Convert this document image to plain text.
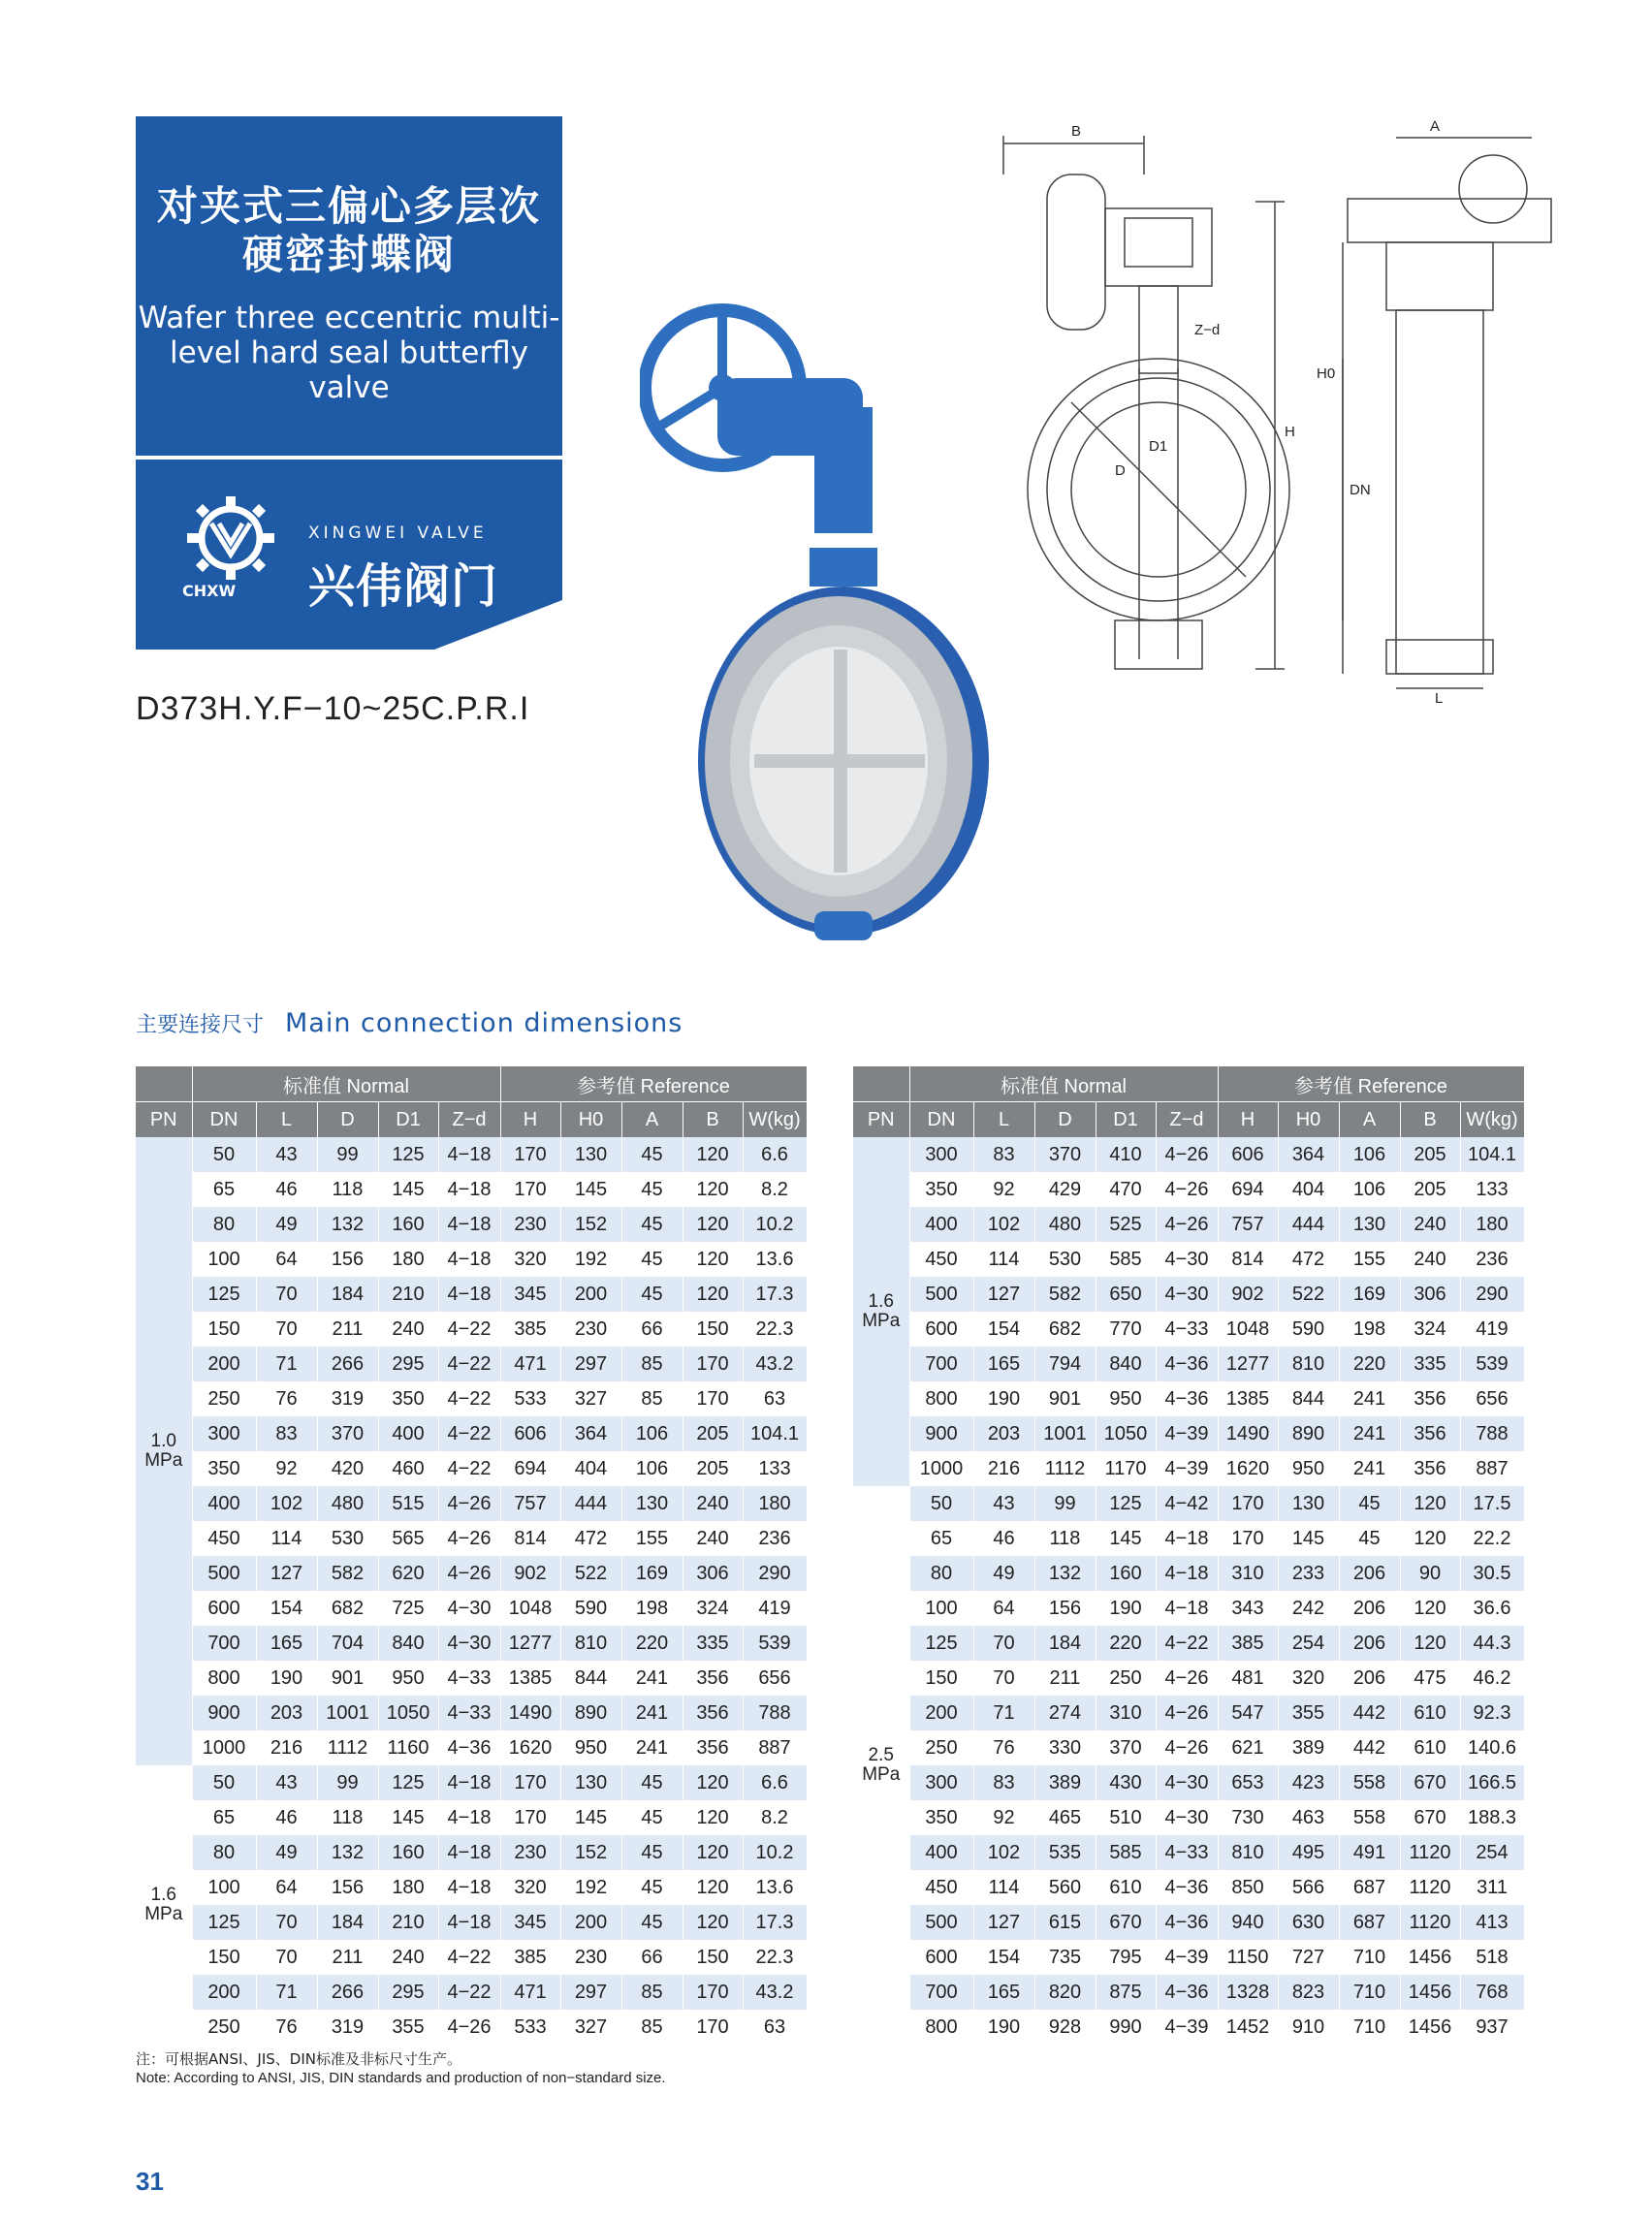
对夹式三偏心多层次
硬密封蝶阀
Wafer three eccentric multi-
level hard seal butterfly valve
CHXW
XINGWEI VALVE
兴伟阀门
B	A
Z−d
D1
D
H
H0
DN
L
D373H.Y.F−10~25C.P.R.I
主要连接尺寸 Main connection dimensions
	标准值 Normal					参考值 Reference				
PN	DN	L	D	D1	Z−d	H	H0	A	B	W(kg)
1.0
MPa	50	43	99	125	4−18	170	130	45	120	6.6
	65	46	118	145	4−18	170	145	45	120	8.2
	80	49	132	160	4−18	230	152	45	120	10.2
	100	64	156	180	4−18	320	192	45	120	13.6
	125	70	184	210	4−18	345	200	45	120	17.3
	150	70	211	240	4−22	385	230	66	150	22.3
	200	71	266	295	4−22	471	297	85	170	43.2
	250	76	319	350	4−22	533	327	85	170	63
	300	83	370	400	4−22	606	364	106	205	104.1
	350	92	420	460	4−22	694	404	106	205	133
	400	102	480	515	4−26	757	444	130	240	180
	450	114	530	565	4−26	814	472	155	240	236
	500	127	582	620	4−26	902	522	169	306	290
	600	154	682	725	4−30	1048	590	198	324	419
	700	165	704	840	4−30	1277	810	220	335	539
	800	190	901	950	4−33	1385	844	241	356	656
	900	203	1001	1050	4−33	1490	890	241	356	788
	1000	216	1112	1160	4−36	1620	950	241	356	887
1.6
MPa	50	43	99	125	4−18	170	130	45	120	6.6
	65	46	118	145	4−18	170	145	45	120	8.2
	80	49	132	160	4−18	230	152	45	120	10.2
	100	64	156	180	4−18	320	192	45	120	13.6
	125	70	184	210	4−18	345	200	45	120	17.3
	150	70	211	240	4−22	385	230	66	150	22.3
	200	71	266	295	4−22	471	297	85	170	43.2
	250	76	319	355	4−26	533	327	85	170	63
	标准值 Normal					参考值 Reference				
PN	DN	L	D	D1	Z−d	H	H0	A	B	W(kg)
1.6
MPa	300	83	370	410	4−26	606	364	106	205	104.1
	350	92	429	470	4−26	694	404	106	205	133
	400	102	480	525	4−26	757	444	130	240	180
	450	114	530	585	4−30	814	472	155	240	236
	500	127	582	650	4−30	902	522	169	306	290
	600	154	682	770	4−33	1048	590	198	324	419
	700	165	794	840	4−36	1277	810	220	335	539
	800	190	901	950	4−36	1385	844	241	356	656
	900	203	1001	1050	4−39	1490	890	241	356	788
	1000	216	1112	1170	4−39	1620	950	241	356	887
2.5
MPa	50	43	99	125	4−42	170	130	45	120	17.5
	65	46	118	145	4−18	170	145	45	120	22.2
	80	49	132	160	4−18	310	233	206	90	30.5
	100	64	156	190	4−18	343	242	206	120	36.6
	125	70	184	220	4−22	385	254	206	120	44.3
	150	70	211	250	4−26	481	320	206	475	46.2
	200	71	274	310	4−26	547	355	442	610	92.3
	250	76	330	370	4−26	621	389	442	610	140.6
	300	83	389	430	4−30	653	423	558	670	166.5
	350	92	465	510	4−30	730	463	558	670	188.3
	400	102	535	585	4−33	810	495	491	1120	254
	450	114	560	610	4−36	850	566	687	1120	311
	500	127	615	670	4−36	940	630	687	1120	413
	600	154	735	795	4−39	1150	727	710	1456	518
	700	165	820	875	4−36	1328	823	710	1456	768
	800	190	928	990	4−39	1452	910	710	1456	937
注：可根据ANSI、JIS、DIN标准及非标尺寸生产。
Note: According to ANSI, JIS, DIN standards and production of non−standard size.
31
